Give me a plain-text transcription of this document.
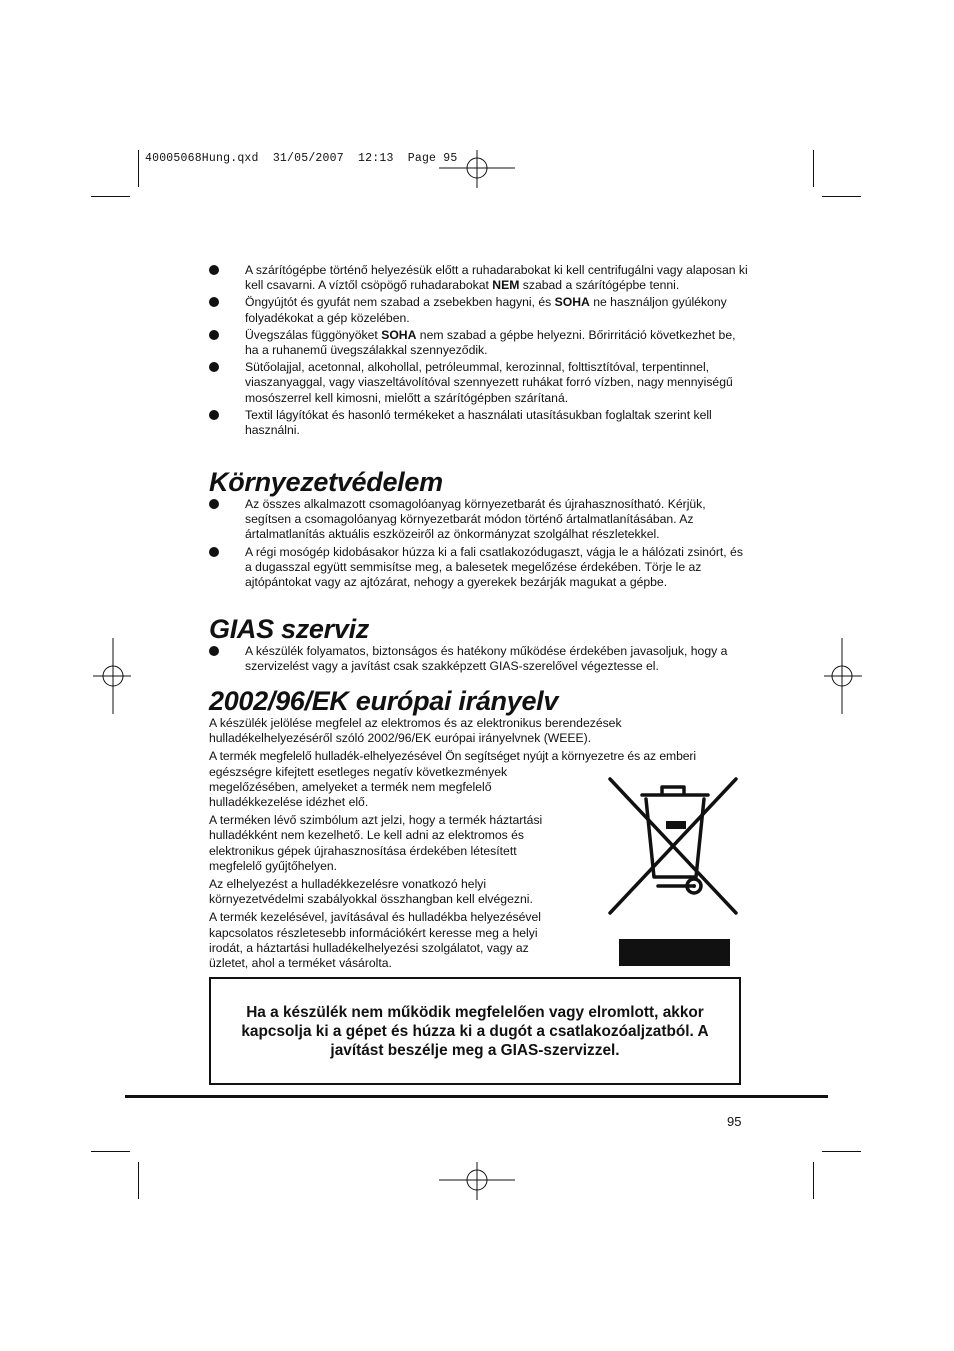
40005068Hung.qxd  31/05/2007  12:13  Page 95
A szárítógépbe történő helyezésük előtt a ruhadarabokat ki kell centrifugálni vagy alaposan ki kell csavarni. A víztől csöpögő ruhadarabokat NEM szabad a szárítógépbe tenni.
Öngyújtót és gyufát nem szabad a zsebekben hagyni, és SOHA ne használjon gyúlékony folyadékokat a gép közelében.
Üvegszálas függönyöket SOHA nem szabad a gépbe helyezni. Bőrirritáció következhet be, ha a ruhanemű üvegszálakkal szennyeződik.
Sütőolajjal, acetonnal, alkohollal, petróleummal, kerozinnal, folttisztítóval, terpentinnel, viaszanyaggal, vagy viaszeltávolítóval szennyezett ruhákat forró vízben, nagy mennyiségű mosószerrel kell kimosni, mielőtt a szárítógépben szárítaná.
Textil lágyítókat és hasonló termékeket a használati utasításukban foglaltak szerint kell használni.
Környezetvédelem
Az összes alkalmazott csomagolóanyag környezetbarát és újrahasznosítható. Kérjük, segítsen a csomagolóanyag környezetbarát módon történő ártalmatlanításában. Az ártalmatlanítás aktuális eszközeiről az önkormányzat szolgálhat részletekkel.
A régi mosógép kidobásakor húzza ki a fali csatlakozódugaszt, vágja le a hálózati zsinórt, és a dugasszal együtt semmisítse meg, a balesetek megelőzése érdekében. Törje le az ajtópántokat vagy az ajtózárat, nehogy a gyerekek bezárják magukat a gépbe.
GIAS szerviz
A készülék folyamatos, biztonságos és hatékony működése érdekében javasoljuk, hogy a szervizelést vagy a javítást csak szakképzett GIAS-szerelővel végeztesse el.
2002/96/EK európai irányelv

A készülék jelölése megfelel az elektromos és az elektronikus berendezések hulladékelhelyezéséről szóló 2002/96/EK európai irányelvnek (WEEE).

A termék megfelelő hulladék-elhelyezésével Ön segítséget nyújt a környezetre és az emberi

egészségre kifejtett esetleges negatív következmények megelőzésében, amelyeket a termék nem megfelelő hulladékkezelése idézhet elő.

A terméken lévő szimbólum azt jelzi, hogy a termék háztartási hulladékként nem kezelhető. Le kell adni az elektromos és elektronikus gépek újrahasznosítása érdekében létesített megfelelő gyűjtőhelyen.

Az elhelyezést a hulladékkezelésre vonatkozó helyi környezetvédelmi szabályokkal összhangban kell elvégezni.

A termék kezelésével, javításával és hulladékba helyezésével kapcsolatos részletesebb információkért keresse meg a helyi irodát, a háztartási hulladékelhelyezési szolgálatot, vagy az üzletet, ahol a terméket vásárolta.

Ha a készülék nem működik megfelelően vagy elromlott, akkor kapcsolja ki a gépet és húzza ki a dugót a csatlakozóaljzatból. A javítást beszélje meg a GIAS-szervizzel.
95
